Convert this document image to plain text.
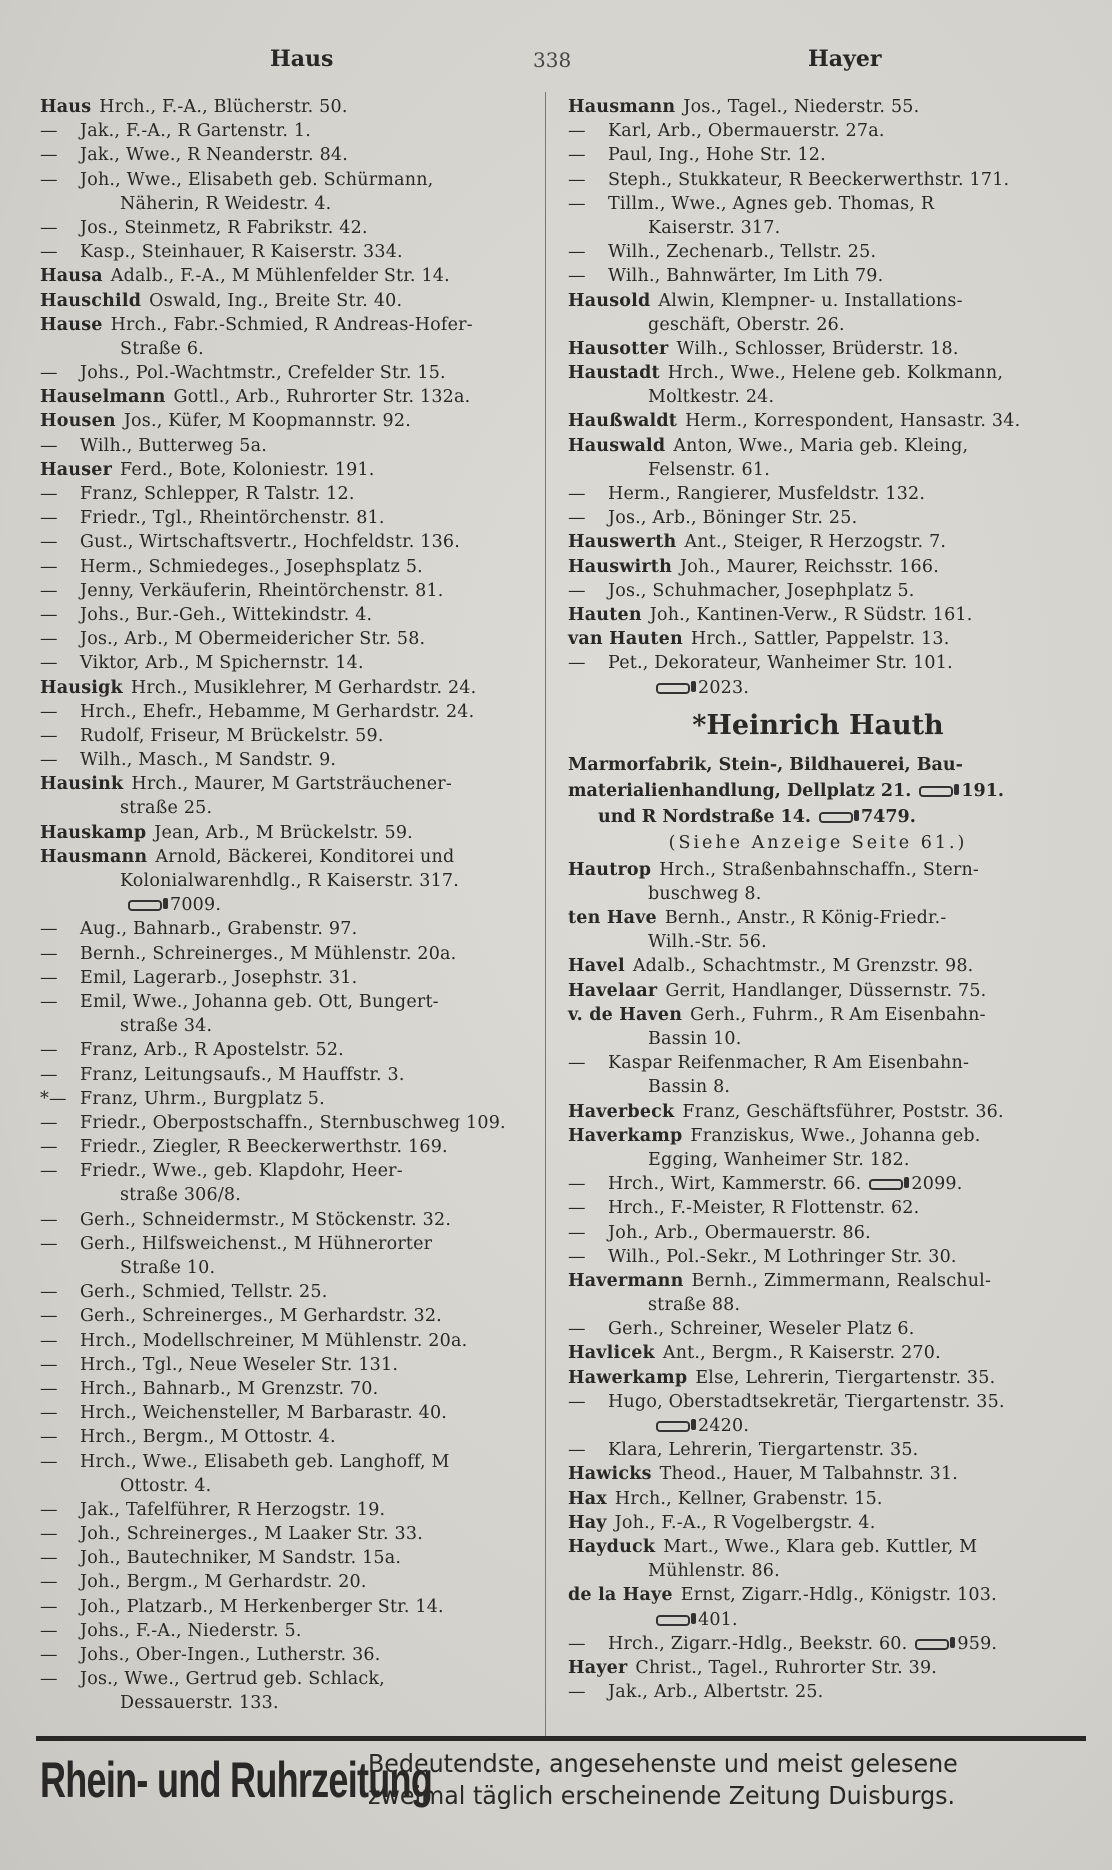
Haus	338	Hayer
Haus Hrch., F.-A., Blücherstr. 50.
— Jak., F.-A., R Gartenstr. 1.
— Jak., Wwe., R Neanderstr. 84.
— Joh., Wwe., Elisabeth geb. Schürmann,
Näherin, R Weidestr. 4.
— Jos., Steinmetz, R Fabrikstr. 42.
— Kasp., Steinhauer, R Kaiserstr. 334.
Hausa Adalb., F.-A., M Mühlenfelder Str. 14.
Hauschild Oswald, Ing., Breite Str. 40.
Hause Hrch., Fabr.-Schmied, R Andreas-Hofer-
Straße 6.
— Johs., Pol.-Wachtmstr., Crefelder Str. 15.
Hauselmann Gottl., Arb., Ruhrorter Str. 132a.
Housen Jos., Küfer, M Koopmannstr. 92.
— Wilh., Butterweg 5a.
Hauser Ferd., Bote, Koloniestr. 191.
— Franz, Schlepper, R Talstr. 12.
— Friedr., Tgl., Rheintörchenstr. 81.
— Gust., Wirtschaftsvertr., Hochfeldstr. 136.
— Herm., Schmiedeges., Josephsplatz 5.
— Jenny, Verkäuferin, Rheintörchenstr. 81.
— Johs., Bur.-Geh., Wittekindstr. 4.
— Jos., Arb., M Obermeidericher Str. 58.
— Viktor, Arb., M Spichernstr. 14.
Hausigk Hrch., Musiklehrer, M Gerhardstr. 24.
— Hrch., Ehefr., Hebamme, M Gerhardstr. 24.
— Rudolf, Friseur, M Brückelstr. 59.
— Wilh., Masch., M Sandstr. 9.
Hausink Hrch., Maurer, M Gartsträuchener-
straße 25.
Hauskamp Jean, Arb., M Brückelstr. 59.
Hausmann Arnold, Bäckerei, Konditorei und
Kolonialwarenhdlg., R Kaiserstr. 317.
7009.
— Aug., Bahnarb., Grabenstr. 97.
— Bernh., Schreinerges., M Mühlenstr. 20a.
— Emil, Lagerarb., Josephstr. 31.
— Emil, Wwe., Johanna geb. Ott, Bungert-
straße 34.
— Franz, Arb., R Apostelstr. 52.
— Franz, Leitungsaufs., M Hauffstr. 3.
*— Franz, Uhrm., Burgplatz 5.
— Friedr., Oberpostschaffn., Sternbuschweg 109.
— Friedr., Ziegler, R Beeckerwerthstr. 169.
— Friedr., Wwe., geb. Klapdohr, Heer-
straße 306/8.
— Gerh., Schneidermstr., M Stöckenstr. 32.
— Gerh., Hilfsweichenst., M Hühnerorter
Straße 10.
— Gerh., Schmied, Tellstr. 25.
— Gerh., Schreinerges., M Gerhardstr. 32.
— Hrch., Modellschreiner, M Mühlenstr. 20a.
— Hrch., Tgl., Neue Weseler Str. 131.
— Hrch., Bahnarb., M Grenzstr. 70.
— Hrch., Weichensteller, M Barbarastr. 40.
— Hrch., Bergm., M Ottostr. 4.
— Hrch., Wwe., Elisabeth geb. Langhoff, M
Ottostr. 4.
— Jak., Tafelführer, R Herzogstr. 19.
— Joh., Schreinerges., M Laaker Str. 33.
— Joh., Bautechniker, M Sandstr. 15a.
— Joh., Bergm., M Gerhardstr. 20.
— Joh., Platzarb., M Herkenberger Str. 14.
— Johs., F.-A., Niederstr. 5.
— Johs., Ober-Ingen., Lutherstr. 36.
— Jos., Wwe., Gertrud geb. Schlack,
Dessauerstr. 133.
Hausmann Jos., Tagel., Niederstr. 55.
— Karl, Arb., Obermauerstr. 27a.
— Paul, Ing., Hohe Str. 12.
— Steph., Stukkateur, R Beeckerwerthstr. 171.
— Tillm., Wwe., Agnes geb. Thomas, R
Kaiserstr. 317.
— Wilh., Zechenarb., Tellstr. 25.
— Wilh., Bahnwärter, Im Lith 79.
Hausold Alwin, Klempner- u. Installations-
geschäft, Oberstr. 26.
Hausotter Wilh., Schlosser, Brüderstr. 18.
Haustadt Hrch., Wwe., Helene geb. Kolkmann,
Moltkestr. 24.
Haußwaldt Herm., Korrespondent, Hansastr. 34.
Hauswald Anton, Wwe., Maria geb. Kleing,
Felsenstr. 61.
— Herm., Rangierer, Musfeldstr. 132.
— Jos., Arb., Böninger Str. 25.
Hauswerth Ant., Steiger, R Herzogstr. 7.
Hauswirth Joh., Maurer, Reichsstr. 166.
— Jos., Schuhmacher, Josephplatz 5.
Hauten Joh., Kantinen-Verw., R Südstr. 161.
van Hauten Hrch., Sattler, Pappelstr. 13.
— Pet., Dekorateur, Wanheimer Str. 101.
2023.
*Heinrich Hauth
Marmorfabrik, Stein-, Bildhauerei, Bau-
materialienhandlung, Dellplatz 21.	191.
und R Nordstraße 14.	7479.
(Siehe Anzeige Seite 61.)
Hautrop Hrch., Straßenbahnschaffn., Stern-
buschweg 8.
ten Have Bernh., Anstr., R König-Friedr.-
Wilh.-Str. 56.
Havel Adalb., Schachtmstr., M Grenzstr. 98.
Havelaar Gerrit, Handlanger, Düssernstr. 75.
v. de Haven Gerh., Fuhrm., R Am Eisenbahn-
Bassin 10.
— Kaspar Reifenmacher, R Am Eisenbahn-
Bassin 8.
Haverbeck Franz, Geschäftsführer, Poststr. 36.
Haverkamp Franziskus, Wwe., Johanna geb.
Egging, Wanheimer Str. 182.
— Hrch., Wirt, Kammerstr. 66.	2099.
— Hrch., F.-Meister, R Flottenstr. 62.
— Joh., Arb., Obermauerstr. 86.
— Wilh., Pol.-Sekr., M Lothringer Str. 30.
Havermann Bernh., Zimmermann, Realschul-
straße 88.
— Gerh., Schreiner, Weseler Platz 6.
Havlicek Ant., Bergm., R Kaiserstr. 270.
Hawerkamp Else, Lehrerin, Tiergartenstr. 35.
— Hugo, Oberstadtsekretär, Tiergartenstr. 35.
2420.
— Klara, Lehrerin, Tiergartenstr. 35.
Hawicks Theod., Hauer, M Talbahnstr. 31.
Hax Hrch., Kellner, Grabenstr. 15.
Hay Joh., F.-A., R Vogelbergstr. 4.
Hayduck Mart., Wwe., Klara geb. Kuttler, M
Mühlenstr. 86.
de la Haye Ernst, Zigarr.-Hdlg., Königstr. 103.
401.
— Hrch., Zigarr.-Hdlg., Beekstr. 60.	959.
Hayer Christ., Tagel., Ruhrorter Str. 39.
— Jak., Arb., Albertstr. 25.
Rhein- und Ruhrzeitung
Bedeutendste, angesehenste und meist gelesene
zweimal täglich erscheinende Zeitung Duisburgs.
